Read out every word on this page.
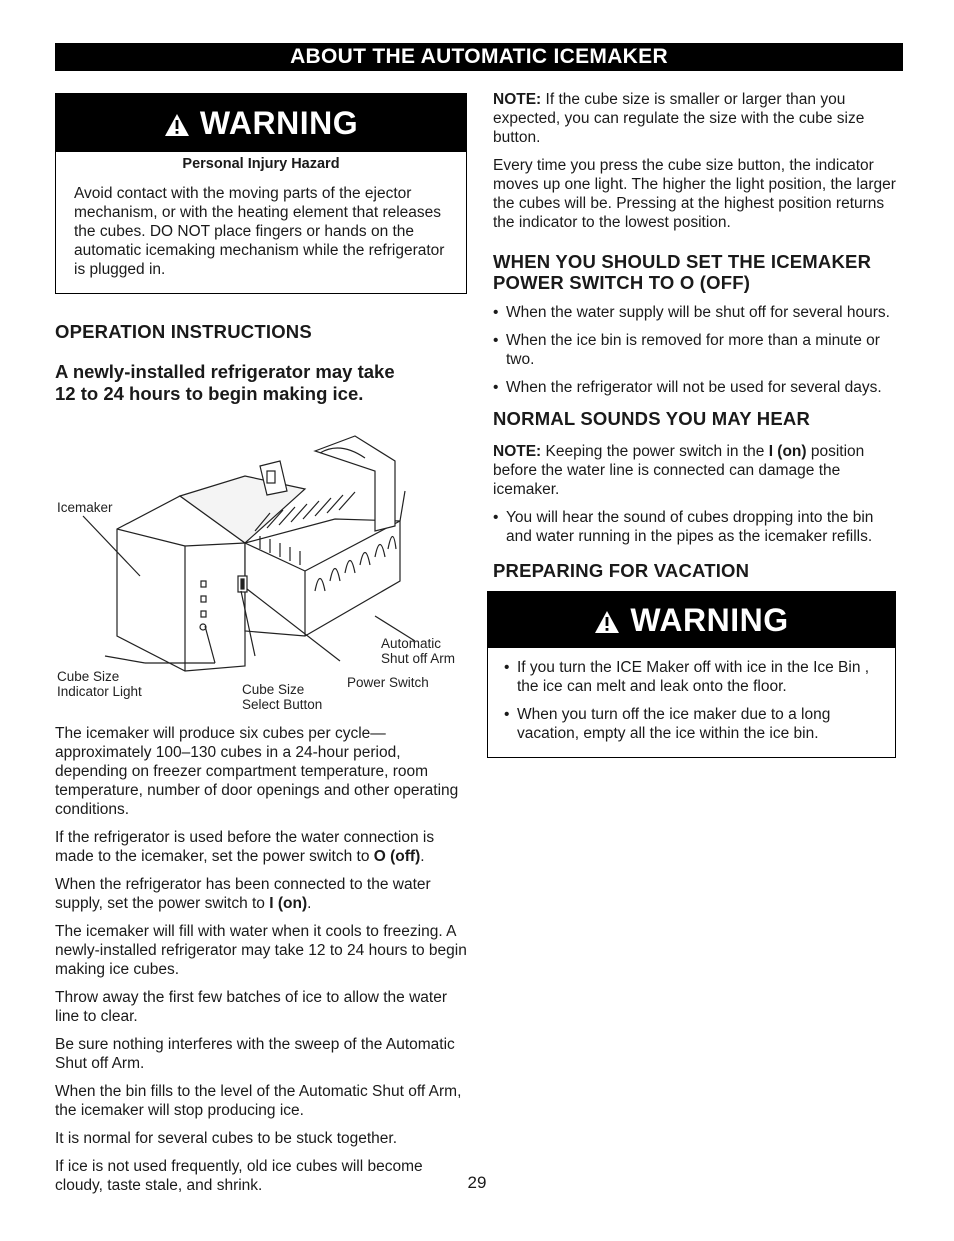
ABOUT THE AUTOMATIC ICEMAKER
WARNING
Personal Injury Hazard
Avoid contact with the moving parts of the ejector mechanism, or with the heating element that releases the cubes. DO NOT place fingers or hands on the automatic icemaking mechanism while the refrigerator is plugged in.
OPERATION INSTRUCTIONS
A newly-installed refrigerator may take 12 to 24 hours to begin making ice.
Icemaker
Automatic Shut off Arm
Cube Size Indicator Light	Cube Size Select Button
Power Switch

The icemaker will produce six cubes per cycle— approximately 100–130 cubes in a 24-hour period, depending on freezer compartment temperature, room temperature, number of door openings and other operating conditions.

If the refrigerator is used before the water connection is made to the icemaker, set the power switch to O (off).

When the refrigerator has been connected to the water supply, set the power switch to I (on).

The icemaker will fill with water when it cools to freezing. A newly-installed refrigerator may take 12 to 24 hours to begin making ice cubes.

Throw away the first few batches of ice to allow the water line to clear.

Be sure nothing interferes with the sweep of the Automatic Shut off Arm.

When the bin fills to the level of the Automatic Shut off Arm, the icemaker will stop producing ice.

It is normal for several cubes to be stuck together.

If ice is not used frequently, old ice cubes will become cloudy, taste stale, and shrink.

NOTE: If the cube size is smaller or larger than you expected, you can regulate the size with the cube size button.

Every time you press the cube size button, the indicator moves up one light. The higher the light position, the larger the cubes will be. Pressing at the highest position returns the indicator to the lowest position.

WHEN YOU SHOULD SET THE ICEMAKER POWER SWITCH TO O (OFF)
• When the water supply will be shut off for several hours.
• When the ice bin is removed for more than a minute or two.
• When the refrigerator will not be used for several days.
NORMAL SOUNDS YOU MAY HEAR

NOTE: Keeping the power switch in the I (on) position before the water line is connected can damage the icemaker.

• You will hear the sound of cubes dropping into the bin and water running in the pipes as the icemaker refills.
PREPARING FOR VACATION
WARNING
• If you turn the ICE Maker off with ice in the Ice Bin , the ice can melt and leak onto the floor.
• When you turn off the ice maker due to a long vacation, empty all the ice within the ice bin.
29
